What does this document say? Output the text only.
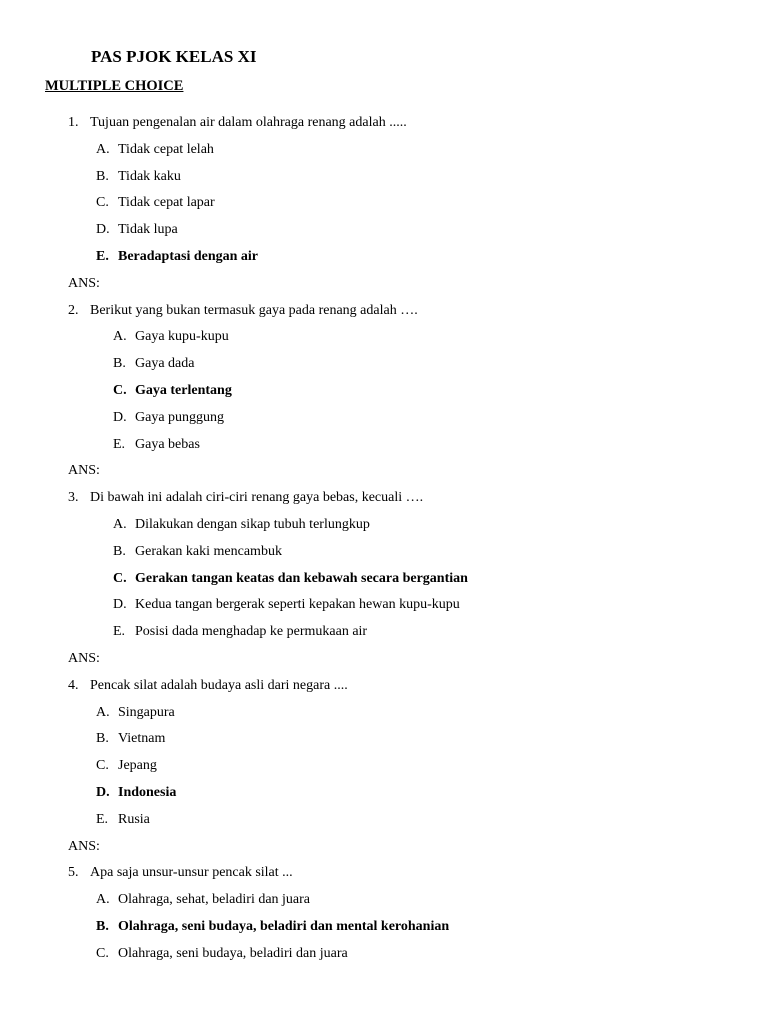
PAS PJOK KELAS XI
MULTIPLE CHOICE
1. Tujuan pengenalan air dalam olahraga renang adalah .....
A. Tidak cepat lelah
B. Tidak kaku
C. Tidak cepat lapar
D. Tidak lupa
E. Beradaptasi dengan air
ANS:
2. Berikut yang bukan termasuk gaya pada renang adalah ….
A. Gaya kupu-kupu
B. Gaya dada
C. Gaya terlentang
D. Gaya punggung
E. Gaya bebas
ANS:
3. Di bawah ini adalah ciri-ciri renang gaya bebas, kecuali ….
A. Dilakukan dengan sikap tubuh terlungkup
B. Gerakan kaki mencambuk
C. Gerakan tangan keatas dan kebawah secara bergantian
D. Kedua tangan bergerak seperti kepakan hewan kupu-kupu
E. Posisi dada menghadap ke permukaan air
ANS:
4. Pencak silat adalah budaya asli dari negara ....
A. Singapura
B. Vietnam
C. Jepang
D. Indonesia
E. Rusia
ANS:
5. Apa saja unsur-unsur pencak silat ...
A. Olahraga, sehat, beladiri dan juara
B. Olahraga, seni budaya, beladiri dan mental kerohanian
C. Olahraga, seni budaya, beladiri dan juara
